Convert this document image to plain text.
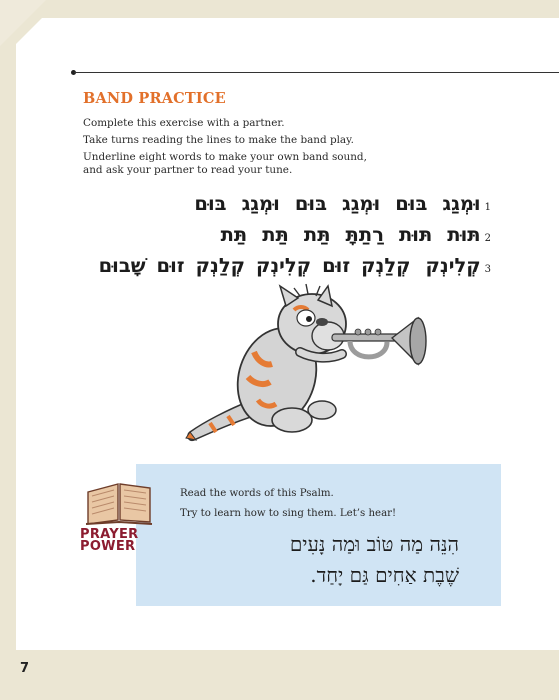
BAND PRACTICE

Complete this exercise with a partner.

Take turns reading the lines to make the band play.

Underline eight words to make your own band sound,

and ask your partner to read your tune.

1וּמְגַגבּוּםוּמְגַגבּוּםוּמְגַגבּוּם
2תּוּתתּוּתרַתַתָּתַּתתַּתתַּת
3קְלִינְקקְלַנְקזוּםקְלִינְקקְלַנְקזוּםשָׁבוּם

PRAYER

POWER

Read the words of this Psalm.

Try to learn how to sing them. Let’s hear!

הִנֵּה מַה טּוֹב וּמַה נָּעִים
שֶׁבֶת אַחִים גַּם יָחַד.
7
